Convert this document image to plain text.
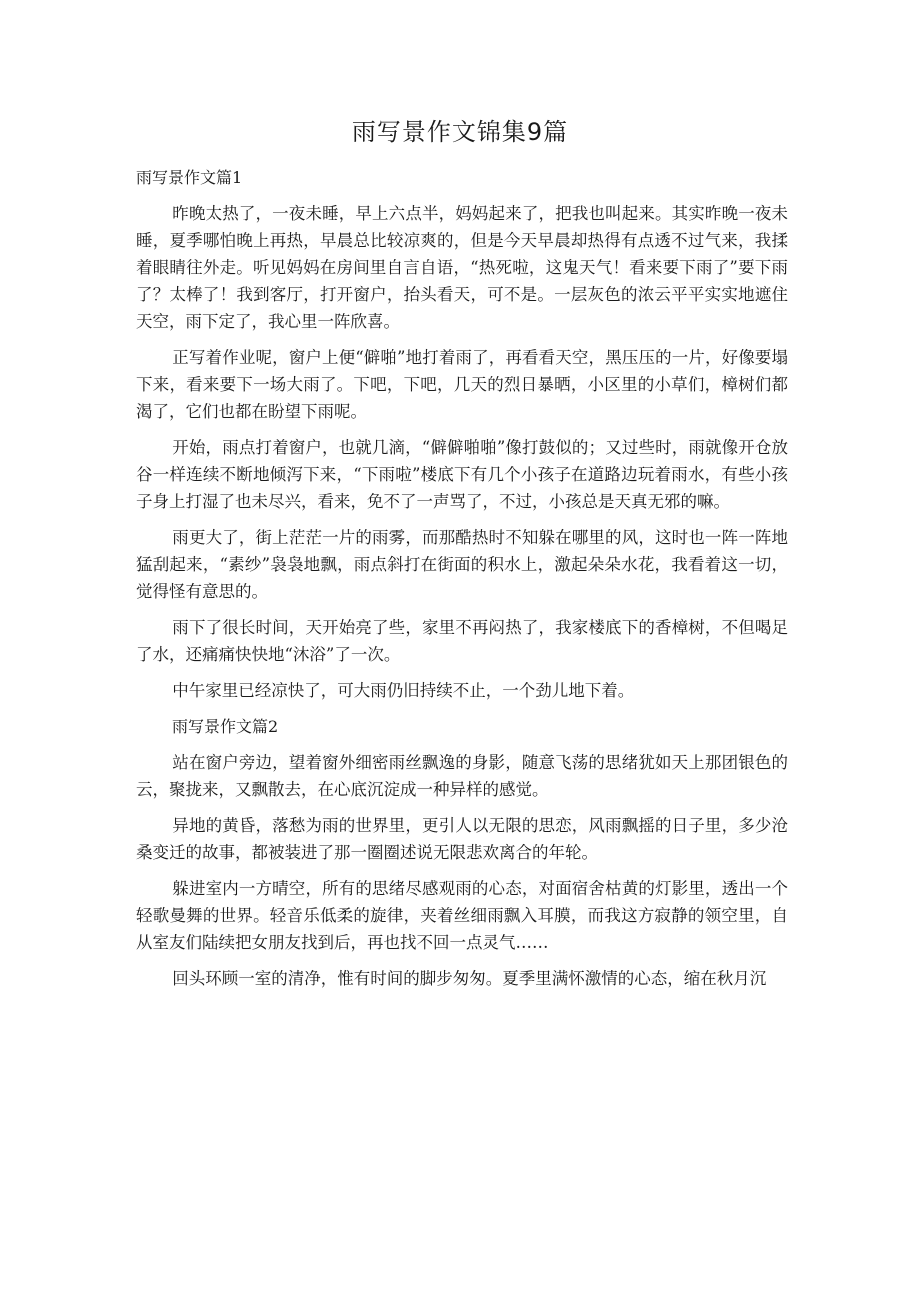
雨写景作文锦集9篇
雨写景作文篇1

昨晚太热了，一夜未睡，早上六点半，妈妈起来了，把我也叫起来。其实昨晚一夜未睡，夏季哪怕晚上再热，早晨总比较凉爽的，但是今天早晨却热得有点透不过气来，我揉着眼睛往外走。听见妈妈在房间里自言自语，“热死啦，这鬼天气！看来要下雨了”要下雨了？太棒了！我到客厅，打开窗户，抬头看天，可不是。一层灰色的浓云平平实实地遮住天空，雨下定了，我心里一阵欣喜。

正写着作业呢，窗户上便“僻啪”地打着雨了，再看看天空，黑压压的一片，好像要塌下来，看来要下一场大雨了。下吧，下吧，几天的烈日暴晒，小区里的小草们，樟树们都渴了，它们也都在盼望下雨呢。

开始，雨点打着窗户，也就几滴，“僻僻啪啪”像打鼓似的；又过些时，雨就像开仓放谷一样连续不断地倾泻下来，“下雨啦”楼底下有几个小孩子在道路边玩着雨水，有些小孩子身上打湿了也未尽兴，看来，免不了一声骂了，不过，小孩总是天真无邪的嘛。

雨更大了，街上茫茫一片的雨雾，而那酷热时不知躲在哪里的风，这时也一阵一阵地猛刮起来，“素纱”袅袅地飘，雨点斜打在街面的积水上，激起朵朵水花，我看着这一切，觉得怪有意思的。

雨下了很长时间，天开始亮了些，家里不再闷热了，我家楼底下的香樟树，不但喝足了水，还痛痛快快地“沐浴”了一次。

中午家里已经凉快了，可大雨仍旧持续不止，一个劲儿地下着。

雨写景作文篇2

站在窗户旁边，望着窗外细密雨丝飘逸的身影，随意飞荡的思绪犹如天上那团银色的云，聚拢来，又飘散去，在心底沉淀成一种异样的感觉。

异地的黄昏，落愁为雨的世界里，更引人以无限的思恋，风雨飘摇的日子里，多少沧桑变迁的故事，都被装进了那一圈圈述说无限悲欢离合的年轮。

躲进室内一方晴空，所有的思绪尽感观雨的心态，对面宿舍枯黄的灯影里，透出一个轻歌曼舞的世界。轻音乐低柔的旋律，夹着丝细雨飘入耳膜，而我这方寂静的领空里，自从室友们陆续把女朋友找到后，再也找不回一点灵气……

回头环顾一室的清净，惟有时间的脚步匆匆。夏季里满怀激情的心态，缩在秋月沉
